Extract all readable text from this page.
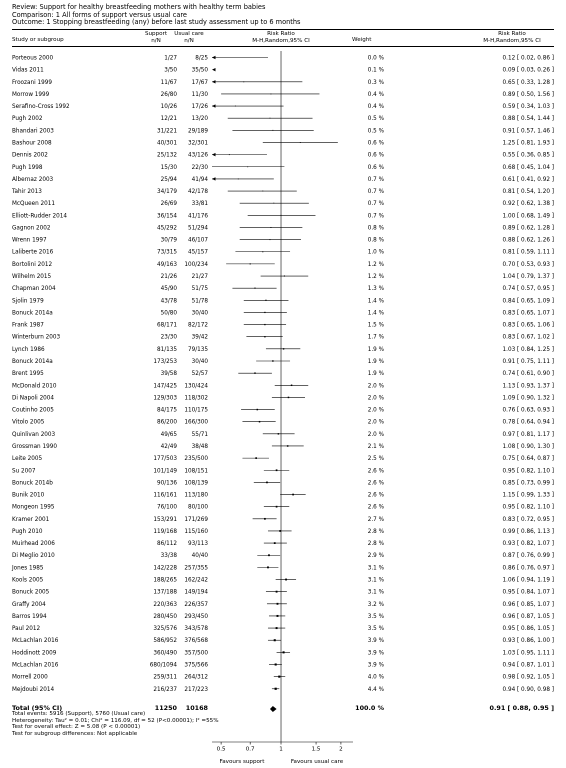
Review: Support for healthy breastfeeding mothers with healthy term babies
Comparison: 1 All forms of support versus usual care
Outcome: 1 Stopping breastfeeding (any) before last study assessment up to 6 months
Study or subgroup
Support
n/N
Usual care
n/N
Risk Ratio
M-H,Random,95% CI	Weight
Risk Ratio
M-H,Random,95% CI
Porteous 2000	1/27	8/25	0.0 %	0.12 [ 0.02, 0.86 ]
Vidas 2011	3/50	35/50	0.1 %	0.09 [ 0.03, 0.26 ]
Froozani 1999	11/67	17/67	0.3 %	0.65 [ 0.33, 1.28 ]
Morrow 1999	26/80	11/30	0.4 %	0.89 [ 0.50, 1.56 ]
Serafino-Cross 1992	10/26	17/26	0.4 %	0.59 [ 0.34, 1.03 ]
Pugh 2002	12/21	13/20	0.5 %	0.88 [ 0.54, 1.44 ]
Bhandari 2003	31/221 29/189	0.5 %	0.91 [ 0.57, 1.46 ]
Bashour 2008	40/301 32/301	0.6 %	1.25 [ 0.81, 1.93 ]
Dennis 2002	25/132 43/126	0.6 %	0.55 [ 0.36, 0.85 ]
Pugh 1998	15/30	22/30	0.6 %	0.68 [ 0.45, 1.04 ]
Albernaz 2003	25/94	41/94	0.7 %	0.61 [ 0.41, 0.92 ]
Tahir 2013	34/179 42/178	0.7 %	0.81 [ 0.54, 1.20 ]
McQueen 2011	26/69	33/81	0.7 %	0.92 [ 0.62, 1.38 ]
Elliott-Rudder 2014	36/154 41/176	0.7 %	1.00 [ 0.68, 1.49 ]
Gagnon 2002	45/292 51/294	0.8 %	0.89 [ 0.62, 1.28 ]
Wrenn 1997	30/79 46/107	0.8 %	0.88 [ 0.62, 1.26 ]
Laliberte 2016	73/315 45/157	1.0 %	0.81 [ 0.59, 1.11 ]
Bortolini 2012	49/163 100/234	1.2 %	0.70 [ 0.53, 0.93 ]
Wilhelm 2015	21/26	21/27	1.2 %	1.04 [ 0.79, 1.37 ]
Chapman 2004	45/90	51/75	1.3 %	0.74 [ 0.57, 0.95 ]
Sjolin 1979	43/78	51/78	1.4 %	0.84 [ 0.65, 1.09 ]
Bonuck 2014a	50/80	30/40	1.4 %	0.83 [ 0.65, 1.07 ]
Frank 1987	68/171 82/172	1.5 %	0.83 [ 0.65, 1.06 ]
Winterburn 2003	23/30	39/42	1.7 %	0.83 [ 0.67, 1.02 ]
Lynch 1986	81/135 79/135	1.9 %	1.03 [ 0.84, 1.25 ]
Bonuck 2014a	173/253	30/40	1.9 %	0.91 [ 0.75, 1.11 ]
Brent 1995	39/58	52/57	1.9 %	0.74 [ 0.61, 0.90 ]
McDonald 2010	147/425 130/424	2.0 %	1.13 [ 0.93, 1.37 ]
Di Napoli 2004	129/303 118/302	2.0 %	1.09 [ 0.90, 1.32 ]
Coutinho 2005	84/175 110/175	2.0 %	0.76 [ 0.63, 0.93 ]
Vitolo 2005	86/200 166/300	2.0 %	0.78 [ 0.64, 0.94 ]
Quinlivan 2003	49/65	55/71	2.0 %	0.97 [ 0.81, 1.17 ]
Grossman 1990	42/49	38/48	2.1 %	1.08 [ 0.90, 1.30 ]
Leite 2005	177/503 235/500	2.5 %	0.75 [ 0.64, 0.87 ]
Su 2007	101/149 108/151	2.6 %	0.95 [ 0.82, 1.10 ]
Bonuck 2014b	90/136 108/139	2.6 %	0.85 [ 0.73, 0.99 ]
Bunik 2010	116/161 113/180	2.6 %	1.15 [ 0.99, 1.33 ]
Mongeon 1995	76/100 80/100	2.6 %	0.95 [ 0.82, 1.10 ]
Kramer 2001	153/291 171/269	2.7 %	0.83 [ 0.72, 0.95 ]
Pugh 2010	119/168 115/160	2.8 %	0.99 [ 0.86, 1.13 ]
Muirhead 2006	86/112 93/113	2.8 %	0.93 [ 0.82, 1.07 ]
Di Meglio 2010	33/38	40/40	2.9 %	0.87 [ 0.76, 0.99 ]
Jones 1985	142/228 257/355	3.1 %	0.86 [ 0.76, 0.97 ]
Kools 2005	188/265 162/242	3.1 %	1.06 [ 0.94, 1.19 ]
Bonuck 2005	137/188 149/194	3.1 %	0.95 [ 0.84, 1.07 ]
Graffy 2004	220/363 226/357	3.2 %	0.96 [ 0.85, 1.07 ]
Barros 1994	280/450 293/450	3.5 %	0.96 [ 0.87, 1.05 ]
Paul 2012	325/576 343/578	3.5 %	0.95 [ 0.86, 1.05 ]
McLachlan 2016	586/952 376/568	3.9 %	0.93 [ 0.86, 1.00 ]
Hoddinott 2009	360/490 357/500	3.9 %	1.03 [ 0.95, 1.11 ]
McLachlan 2016	680/1094 375/566	3.9 %	0.94 [ 0.87, 1.01 ]
Morrell 2000	259/311 264/312	4.0 %	0.98 [ 0.92, 1.05 ]
Mejdoubi 2014	216/237 217/223	4.4 %	0.94 [ 0.90, 0.98 ]
0.5	0.7	1	1.5	2
Favours support	Favours usual care
Total (95% CI)	11250	10168	100.0 %	0.91 [ 0.88, 0.95 ]
Total events: 5916 (Support), 5760 (Usual care)
Heterogeneity: Tau² = 0.01; Chi² = 116.09, df = 52 (P<0.00001); I² =55%
Test for overall effect: Z = 5.08 (P < 0.00001)
Test for subgroup differences: Not applicable
